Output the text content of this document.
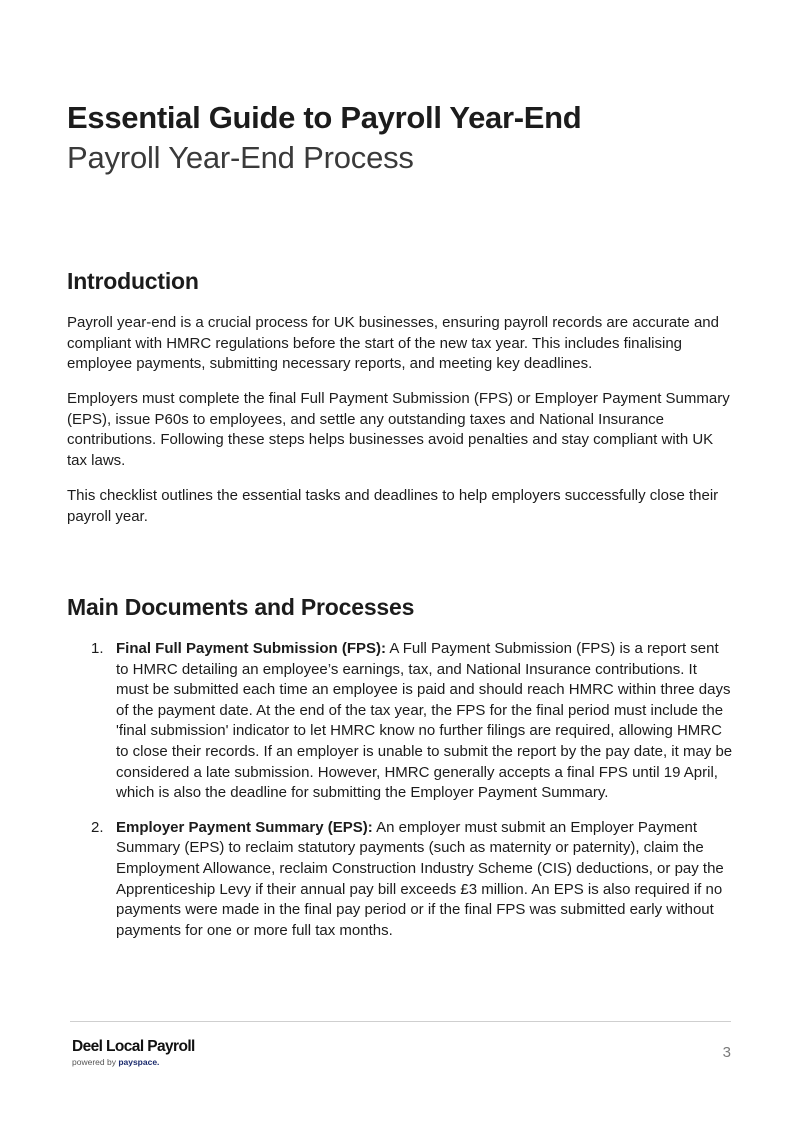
Essential Guide to Payroll Year-End
Payroll Year-End Process
Introduction

Payroll year-end is a crucial process for UK businesses, ensuring payroll records are accurate and compliant with HMRC regulations before the start of the new tax year. This includes finalising employee payments, submitting necessary reports, and meeting key deadlines.

Employers must complete the final Full Payment Submission (FPS) or Employer Payment Summary (EPS), issue P60s to employees, and settle any outstanding taxes and National Insurance contributions. Following these steps helps businesses avoid penalties and stay compliant with UK tax laws.

This checklist outlines the essential tasks and deadlines to help employers successfully close their payroll year.

Main Documents and Processes
1. Final Full Payment Submission (FPS): A Full Payment Submission (FPS) is a report sent to HMRC detailing an employee’s earnings, tax, and National Insurance contributions. It must be submitted each time an employee is paid and should reach HMRC within three days of the payment date. At the end of the tax year, the FPS for the final period must include the 'final submission' indicator to let HMRC know no further filings are required, allowing HMRC to close their records. If an employer is unable to submit the report by the pay date, it may be considered a late submission. However, HMRC generally accepts a final FPS until 19 April, which is also the deadline for submitting the Employer Payment Summary.
2. Employer Payment Summary (EPS): An employer must submit an Employer Payment Summary (EPS) to reclaim statutory payments (such as maternity or paternity), claim the Employment Allowance, reclaim Construction Industry Scheme (CIS) deductions, or pay the Apprenticeship Levy if their annual pay bill exceeds £3 million. An EPS is also required if no payments were made in the final pay period or if the final FPS was submitted early without payments for one or more full tax months.
Deel Local Payroll
powered by payspace.
3
